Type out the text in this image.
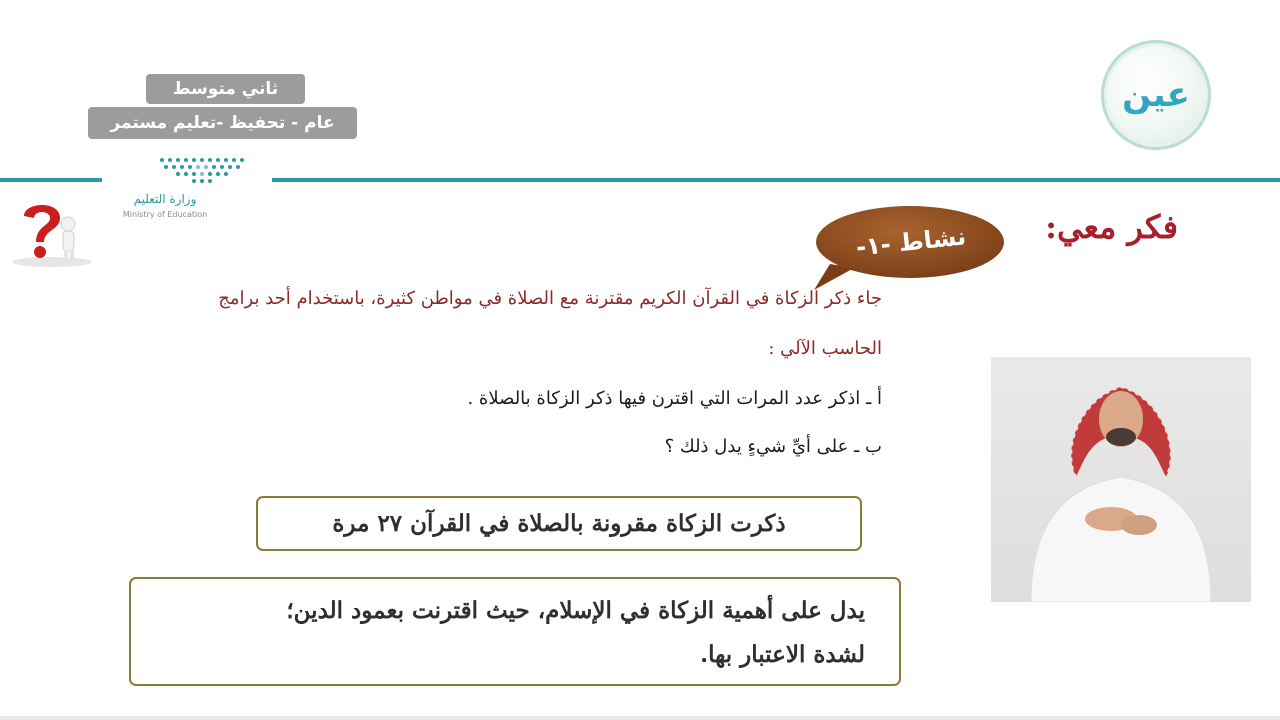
ثاني متوسط
عام - تحفيظ -تعليم مستمر
وزارة التعليم
Ministry of Education
عين
فكر معي:
نشاط -١-
جاء ذكر الزكاة في القرآن الكريم مقترنة مع الصلاة في مواطن كثيرة، باستخدام أحد برامج
الحاسب الآلي :
أ ـ اذكر عدد المرات التي اقترن فيها ذكر الزكاة بالصلاة .
ب ـ على أيِّ شيءٍ يدل ذلك ؟
ذكرت الزكاة مقرونة بالصلاة في القرآن ٢٧ مرة
يدل على أهمية الزكاة في الإسلام، حيث اقترنت بعمود الدين؛
لشدة الاعتبار بها.
